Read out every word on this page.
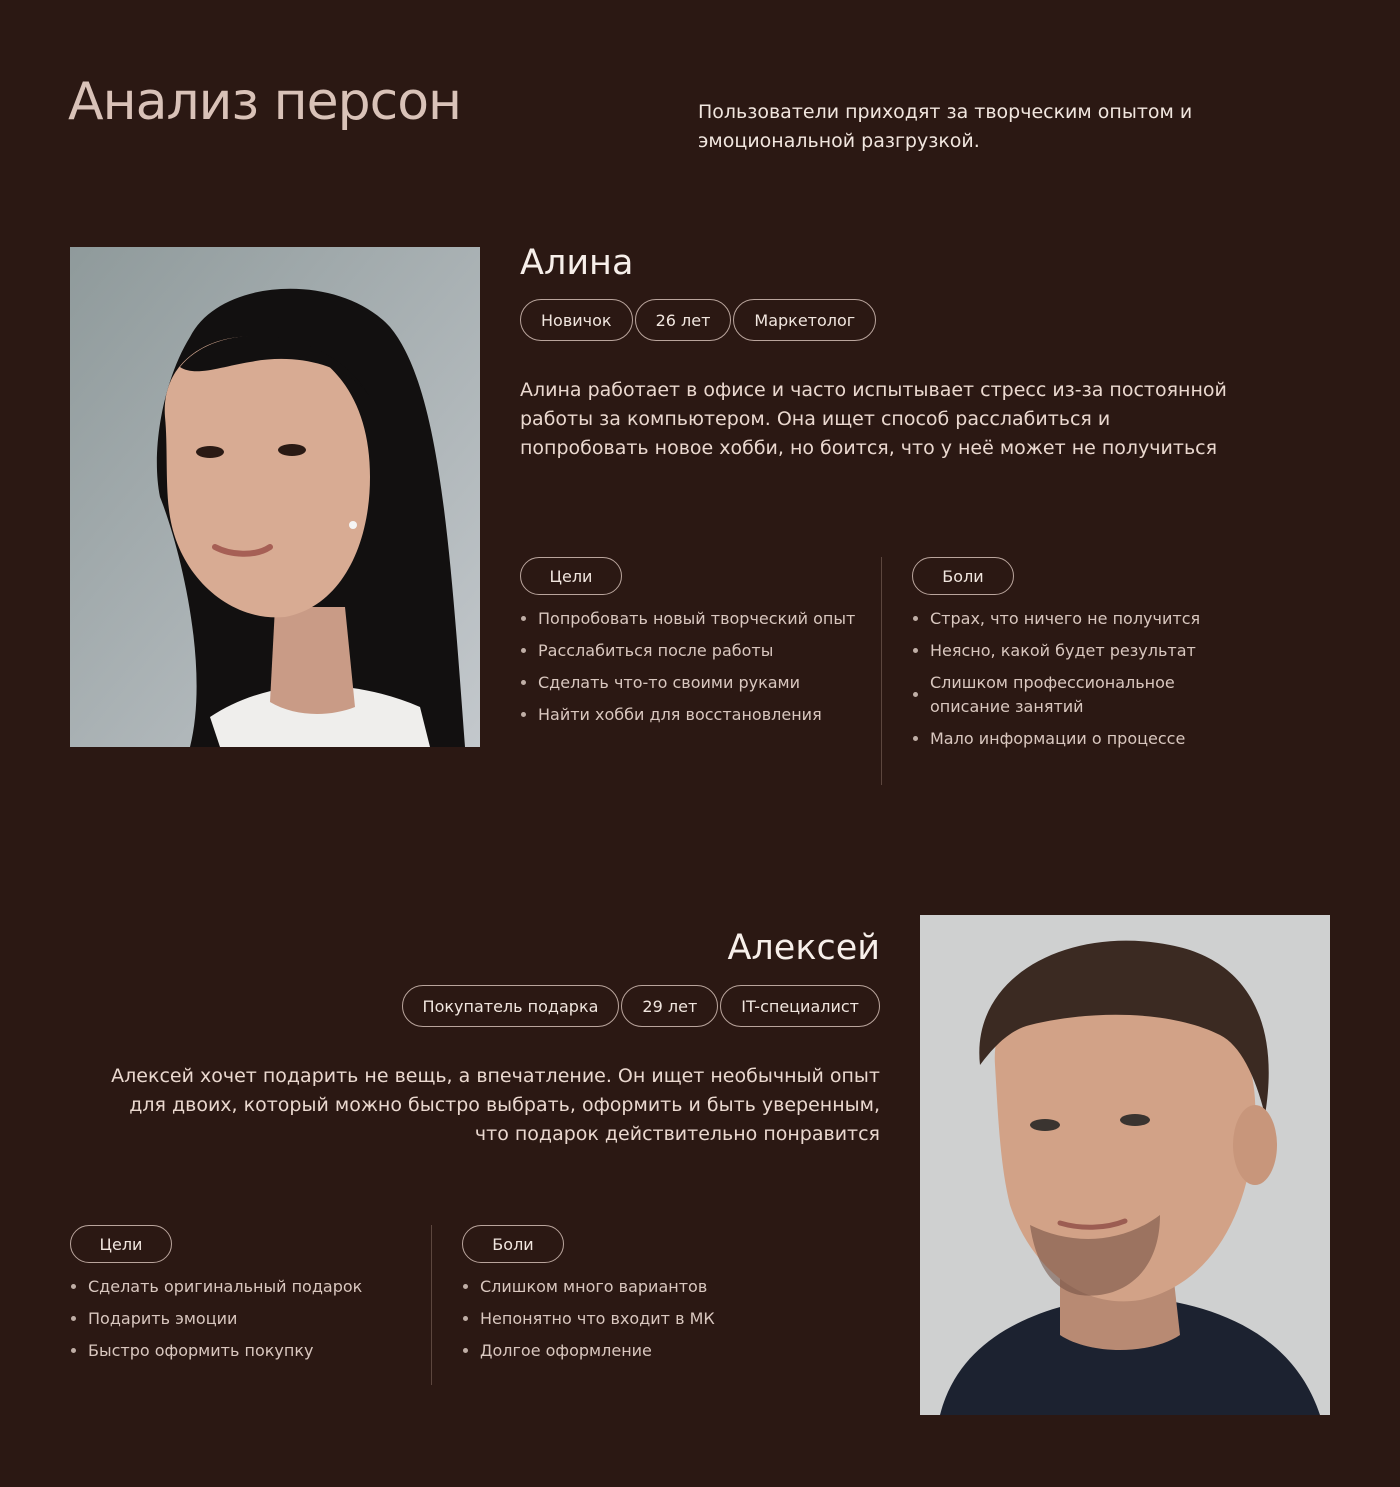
Анализ персон	Пользователи приходят за творческим опытом и эмоциональной разгрузкой.

Алина
Новичок	26 лет	Маркетолог

Алина работает в офисе и часто испытывает стресс из-за постоянной работы за компьютером. Она ищет способ расслабиться и попробовать новое хобби, но боится, что у неё может не получиться

Цели
Попробовать новый творческий опыт
Расслабиться после работы
Сделать что-то своими руками
Найти хобби для восстановления
Боли
Страх, что ничего не получится
Неясно, какой будет результат
Слишком профессиональное описание занятий
Мало информации о процессе
Алексей
Покупатель подарка	29 лет	IT-специалист

Алексей хочет подарить не вещь, а впечатление. Он ищет необычный опыт для двоих, который можно быстро выбрать, оформить и быть уверенным, что подарок действительно понравится

Цели
Сделать оригинальный подарок
Подарить эмоции
Быстро оформить покупку
Боли
Слишком много вариантов
Непонятно что входит в МК
Долгое оформление
